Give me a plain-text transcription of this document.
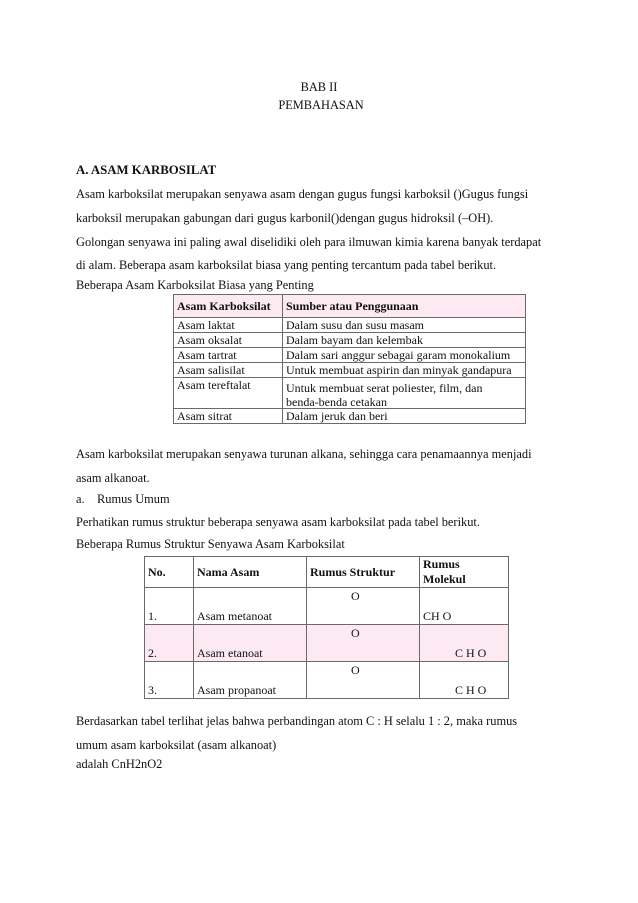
BAB II
PEMBAHASAN
A. ASAM KARBOSILAT
Asam karboksilat merupakan senyawa asam dengan gugus fungsi karboksil ()Gugus fungsi
karboksil merupakan gabungan dari gugus karbonil()dengan gugus hidroksil (–OH).
Golongan senyawa ini paling awal diselidiki oleh para ilmuwan kimia karena banyak terdapat
di alam. Beberapa asam karboksilat biasa yang penting tercantum pada tabel berikut.
Beberapa Asam Karboksilat Biasa yang Penting
Asam Karboksilat	Sumber atau Penggunaan

Asam laktat	Dalam susu dan susu masam

Asam oksalat	Dalam bayam dan kelembak
Asam tartrat	Dalam sari anggur sebagai garam monokalium
Asam salisilat	Untuk membuat aspirin dan minyak gandapura
Asam tereftalat	Untuk membuat serat poliester, film, dan
benda-benda cetakan

Asam sitrat	Dalam jeruk dan beri
Asam karboksilat merupakan senyawa turunan alkana, sehingga cara penamaannya menjadi
asam alkanoat.
a.    Rumus Umum
Perhatikan rumus struktur beberapa senyawa asam karboksilat pada tabel berikut.
Beberapa Rumus Struktur Senyawa Asam Karboksilat
No.	Nama Asam	Rumus Struktur	Rumus Molekul

1.	Asam metanoat	O	CH O

2.	Asam etanoat	O	C H O

3.	Asam propanoat	O	C H O
Berdasarkan tabel terlihat jelas bahwa perbandingan atom C : H selalu 1 : 2, maka rumus
umum asam karboksilat (asam alkanoat)
adalah CnH2nO2
